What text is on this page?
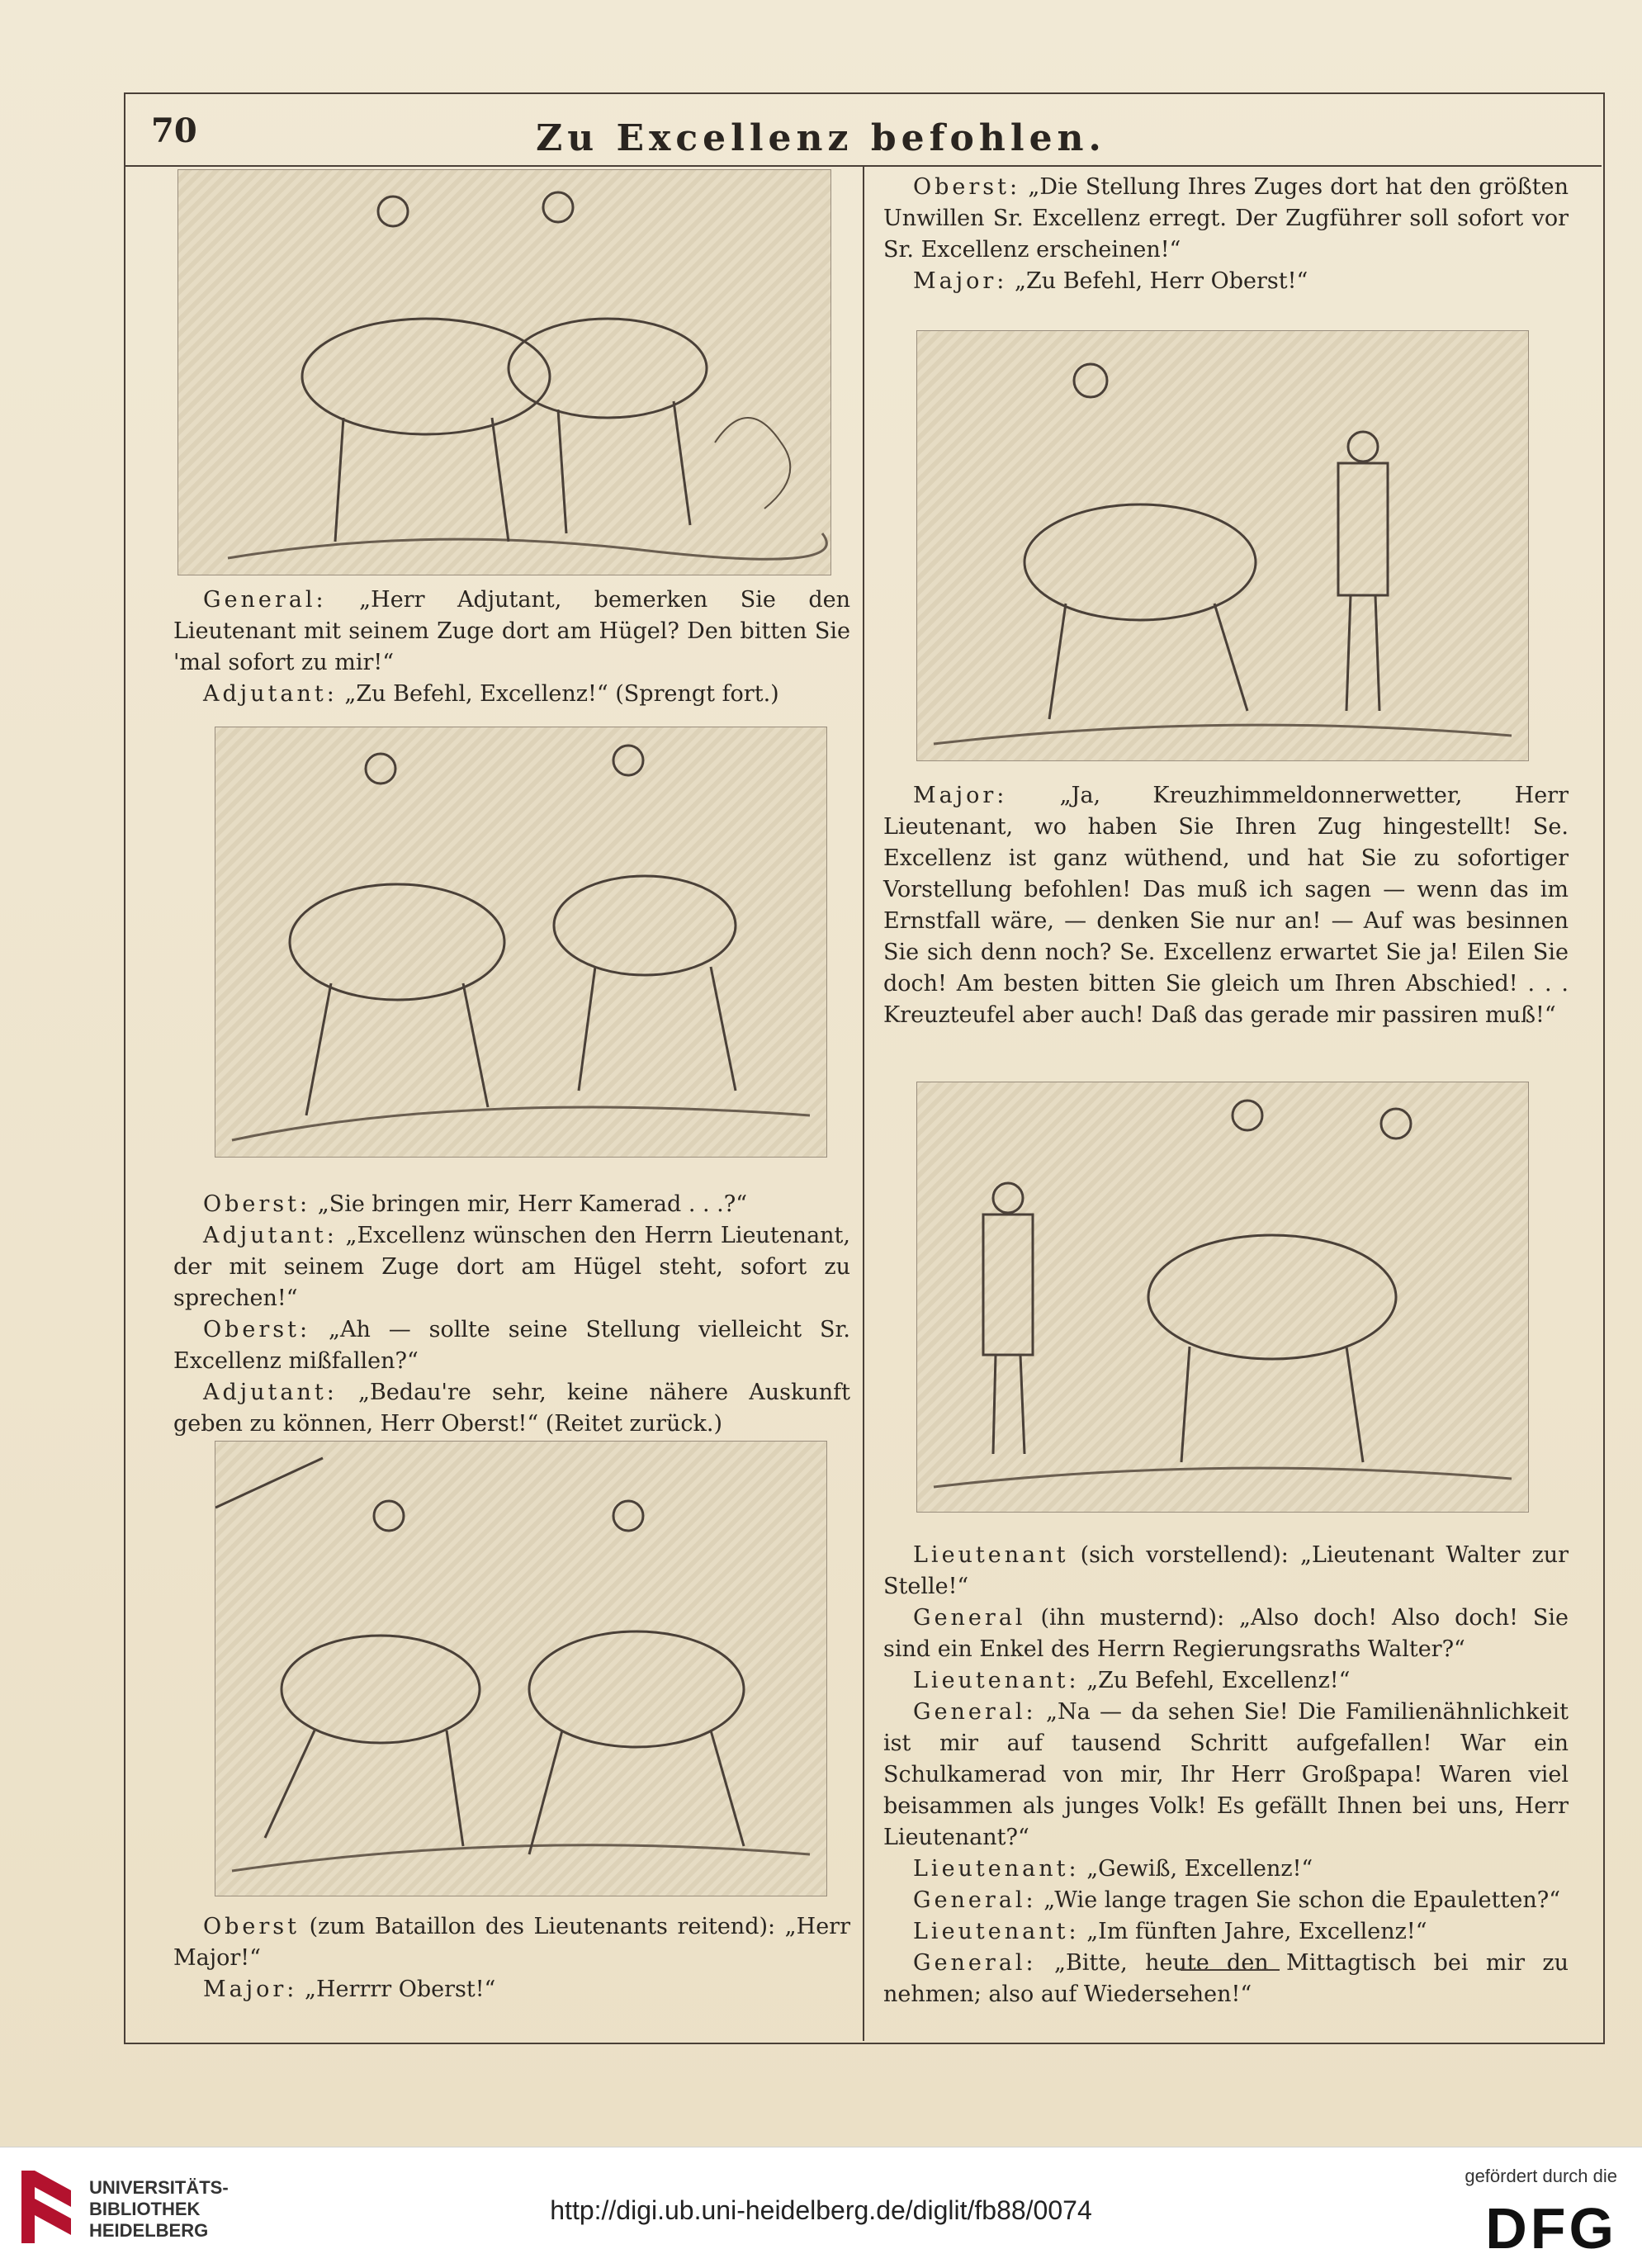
70	Zu Excellenz befohlen.

General: „Herr Adjutant, bemerken Sie den Lieutenant mit seinem Zuge dort am Hügel? Den bitten Sie 'mal sofort zu mir!“

Adjutant: „Zu Befehl, Excellenz!“ (Sprengt fort.)

Oberst: „Sie bringen mir, Herr Kamerad . . .?“

Adjutant: „Excellenz wünschen den Herrn Lieutenant, der mit seinem Zuge dort am Hügel steht, sofort zu sprechen!“

Oberst: „Ah — sollte seine Stellung vielleicht Sr. Excellenz mißfallen?“

Adjutant: „Bedau're sehr, keine nähere Auskunft geben zu können, Herr Oberst!“ (Reitet zurück.)

Oberst (zum Bataillon des Lieutenants reitend): „Herr Major!“

Major: „Herrrr Oberst!“

Oberst: „Die Stellung Ihres Zuges dort hat den größten Unwillen Sr. Excellenz erregt. Der Zugführer soll sofort vor Sr. Excellenz erscheinen!“

Major: „Zu Befehl, Herr Oberst!“

Major: „Ja, Kreuzhimmeldonnerwetter, Herr Lieutenant, wo haben Sie Ihren Zug hingestellt! Se. Excellenz ist ganz wüthend, und hat Sie zu sofortiger Vorstellung befohlen! Das muß ich sagen — wenn das im Ernstfall wäre, — denken Sie nur an! — Auf was besinnen Sie sich denn noch? Se. Excellenz erwartet Sie ja! Eilen Sie doch! Am besten bitten Sie gleich um Ihren Abschied! . . . Kreuzteufel aber auch! Daß das gerade mir passiren muß!“

Lieutenant (sich vorstellend): „Lieutenant Walter zur Stelle!“

General (ihn musternd): „Also doch! Also doch! Sie sind ein Enkel des Herrn Regierungsraths Walter?“

Lieutenant: „Zu Befehl, Excellenz!“

General: „Na — da sehen Sie! Die Familienähnlichkeit ist mir auf tausend Schritt aufgefallen! War ein Schulkamerad von mir, Ihr Herr Großpapa! Waren viel beisammen als junges Volk! Es gefällt Ihnen bei uns, Herr Lieutenant?“

Lieutenant: „Gewiß, Excellenz!“

General: „Wie lange tragen Sie schon die Epauletten?“

Lieutenant: „Im fünften Jahre, Excellenz!“

General: „Bitte, heute den Mittagtisch bei mir zu nehmen; also auf Wiedersehen!“

UNIVERSITÄTS-
BIBLIOTHEK
HEIDELBERG
http://digi.ub.uni-heidelberg.de/diglit/fb88/0074
gefördert durch die
DFG
